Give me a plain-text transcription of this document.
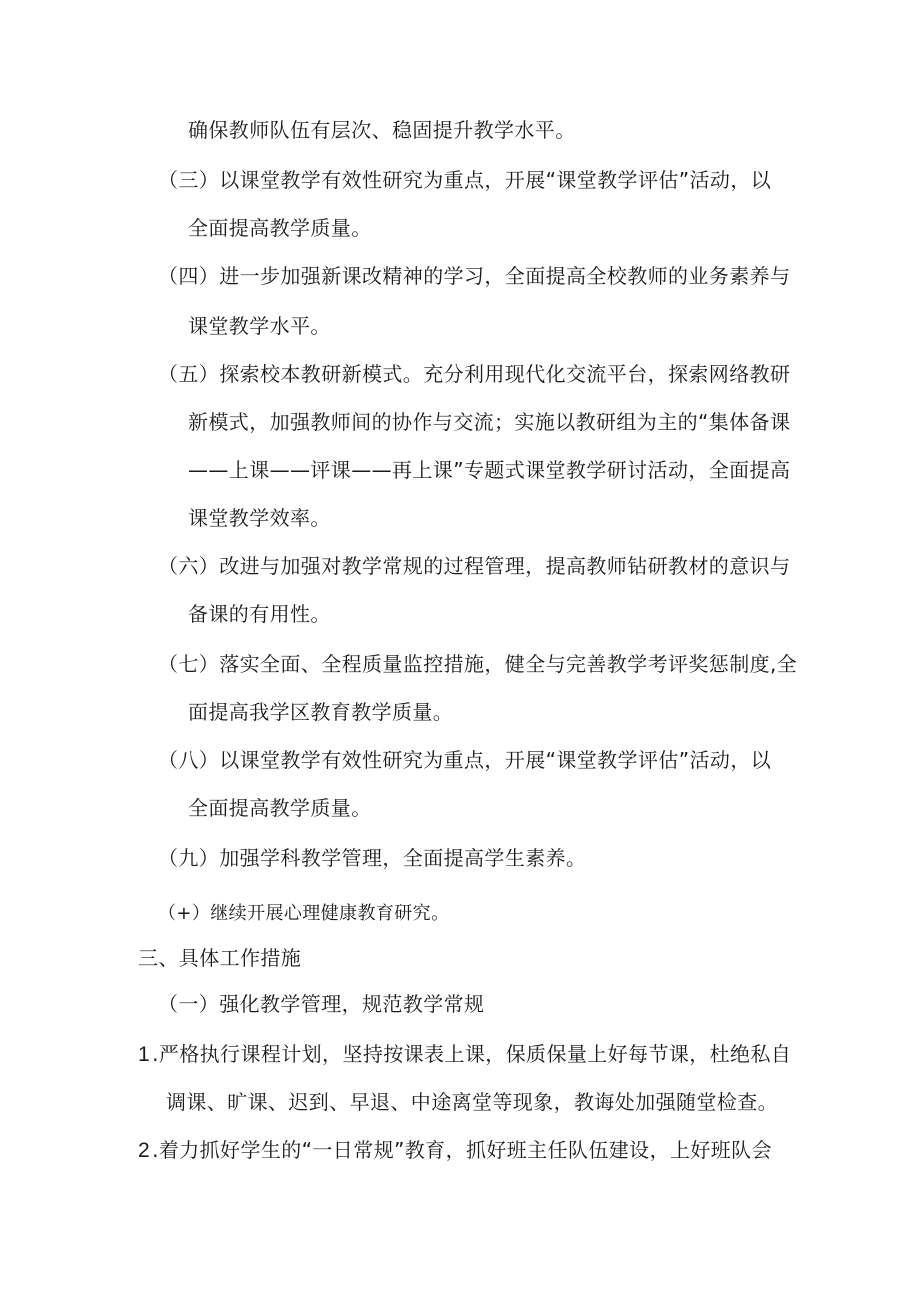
确保教师队伍有层次、稳固提升教学水平。
（三）以课堂教学有效性研究为重点，开展“课堂教学评估”活动，以
全面提高教学质量。
（四）进一步加强新课改精神的学习，全面提高全校教师的业务素养与
课堂教学水平。
（五）探索校本教研新模式。充分利用现代化交流平台，探索网络教研
新模式，加强教师间的协作与交流；实施以教研组为主的“集体备课
——上课——评课——再上课”专题式课堂教学研讨活动，全面提高
课堂教学效率。
（六）改进与加强对教学常规的过程管理，提高教师钻研教材的意识与
备课的有用性。
（七）落实全面、全程质量监控措施，健全与完善教学考评奖惩制度,全
面提高我学区教育教学质量。
（八）以课堂教学有效性研究为重点，开展“课堂教学评估”活动，以
全面提高教学质量。
（九）加强学科教学管理，全面提高学生素养。
（+）继续开展心理健康教育研究。
三、具体工作措施
（一）强化教学管理，规范教学常规
1 .严格执行课程计划，坚持按课表上课，保质保量上好每节课，杜绝私自
调课、旷课、迟到、早退、中途离堂等现象，教诲处加强随堂检查。
2 .着力抓好学生的“一日常规”教育，抓好班主任队伍建设，上好班队会
